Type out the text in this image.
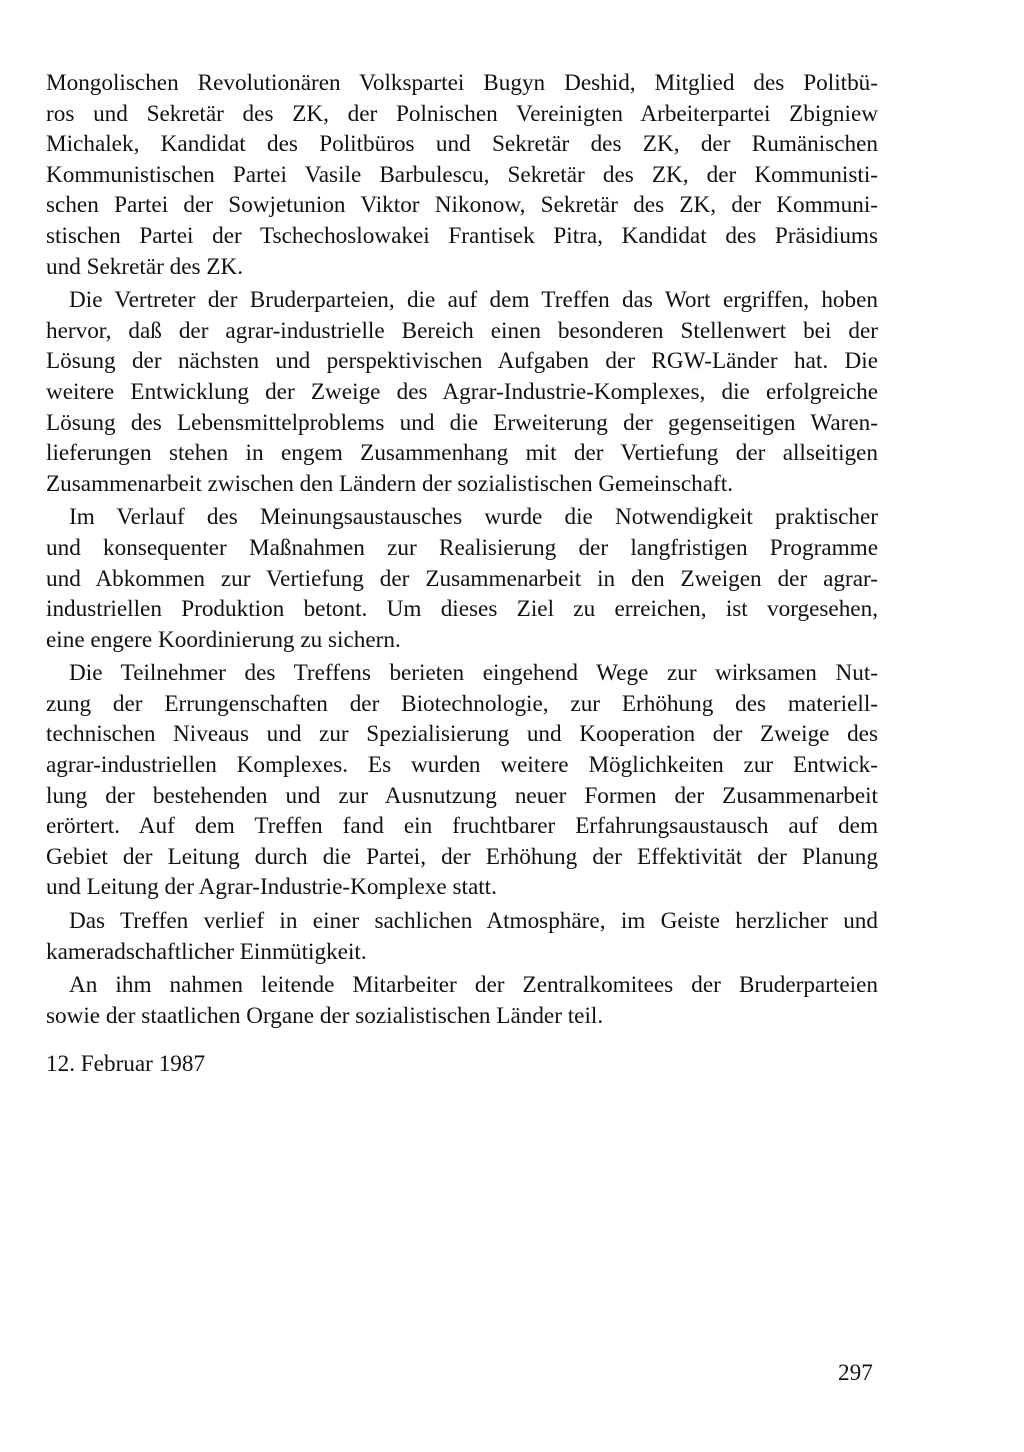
Mongolischen Revolutionären Volkspartei Bugyn Deshid, Mitglied des Politbü-
ros und Sekretär des ZK, der Polnischen Vereinigten Arbeiterpartei Zbigniew
Michalek, Kandidat des Politbüros und Sekretär des ZK, der Rumänischen
Kommunistischen Partei Vasile Barbulescu, Sekretär des ZK, der Kommunisti-
schen Partei der Sowjetunion Viktor Nikonow, Sekretär des ZK, der Kommuni-
stischen Partei der Tschechoslowakei Frantisek Pitra, Kandidat des Präsidiums
und Sekretär des ZK.

Die Vertreter der Bruderparteien, die auf dem Treffen das Wort ergriffen, hoben
hervor, daß der agrar-industrielle Bereich einen besonderen Stellenwert bei der
Lösung der nächsten und perspektivischen Aufgaben der RGW-Länder hat. Die
weitere Entwicklung der Zweige des Agrar-Industrie-Komplexes, die erfolgreiche
Lösung des Lebensmittelproblems und die Erweiterung der gegenseitigen Waren-
lieferungen stehen in engem Zusammenhang mit der Vertiefung der allseitigen
Zusammenarbeit zwischen den Ländern der sozialistischen Gemeinschaft.

Im Verlauf des Meinungsaustausches wurde die Notwendigkeit praktischer
und konsequenter Maßnahmen zur Realisierung der langfristigen Programme
und Abkommen zur Vertiefung der Zusammenarbeit in den Zweigen der agrar-
industriellen Produktion betont. Um dieses Ziel zu erreichen, ist vorgesehen,
eine engere Koordinierung zu sichern.

Die Teilnehmer des Treffens berieten eingehend Wege zur wirksamen Nut-
zung der Errungenschaften der Biotechnologie, zur Erhöhung des materiell-
technischen Niveaus und zur Spezialisierung und Kooperation der Zweige des
agrar-industriellen Komplexes. Es wurden weitere Möglichkeiten zur Entwick-
lung der bestehenden und zur Ausnutzung neuer Formen der Zusammenarbeit
erörtert. Auf dem Treffen fand ein fruchtbarer Erfahrungsaustausch auf dem
Gebiet der Leitung durch die Partei, der Erhöhung der Effektivität der Planung
und Leitung der Agrar-Industrie-Komplexe statt.

Das Treffen verlief in einer sachlichen Atmosphäre, im Geiste herzlicher und
kameradschaftlicher Einmütigkeit.

An ihm nahmen leitende Mitarbeiter der Zentralkomitees der Bruderparteien
sowie der staatlichen Organe der sozialistischen Länder teil.

12. Februar 1987

297
